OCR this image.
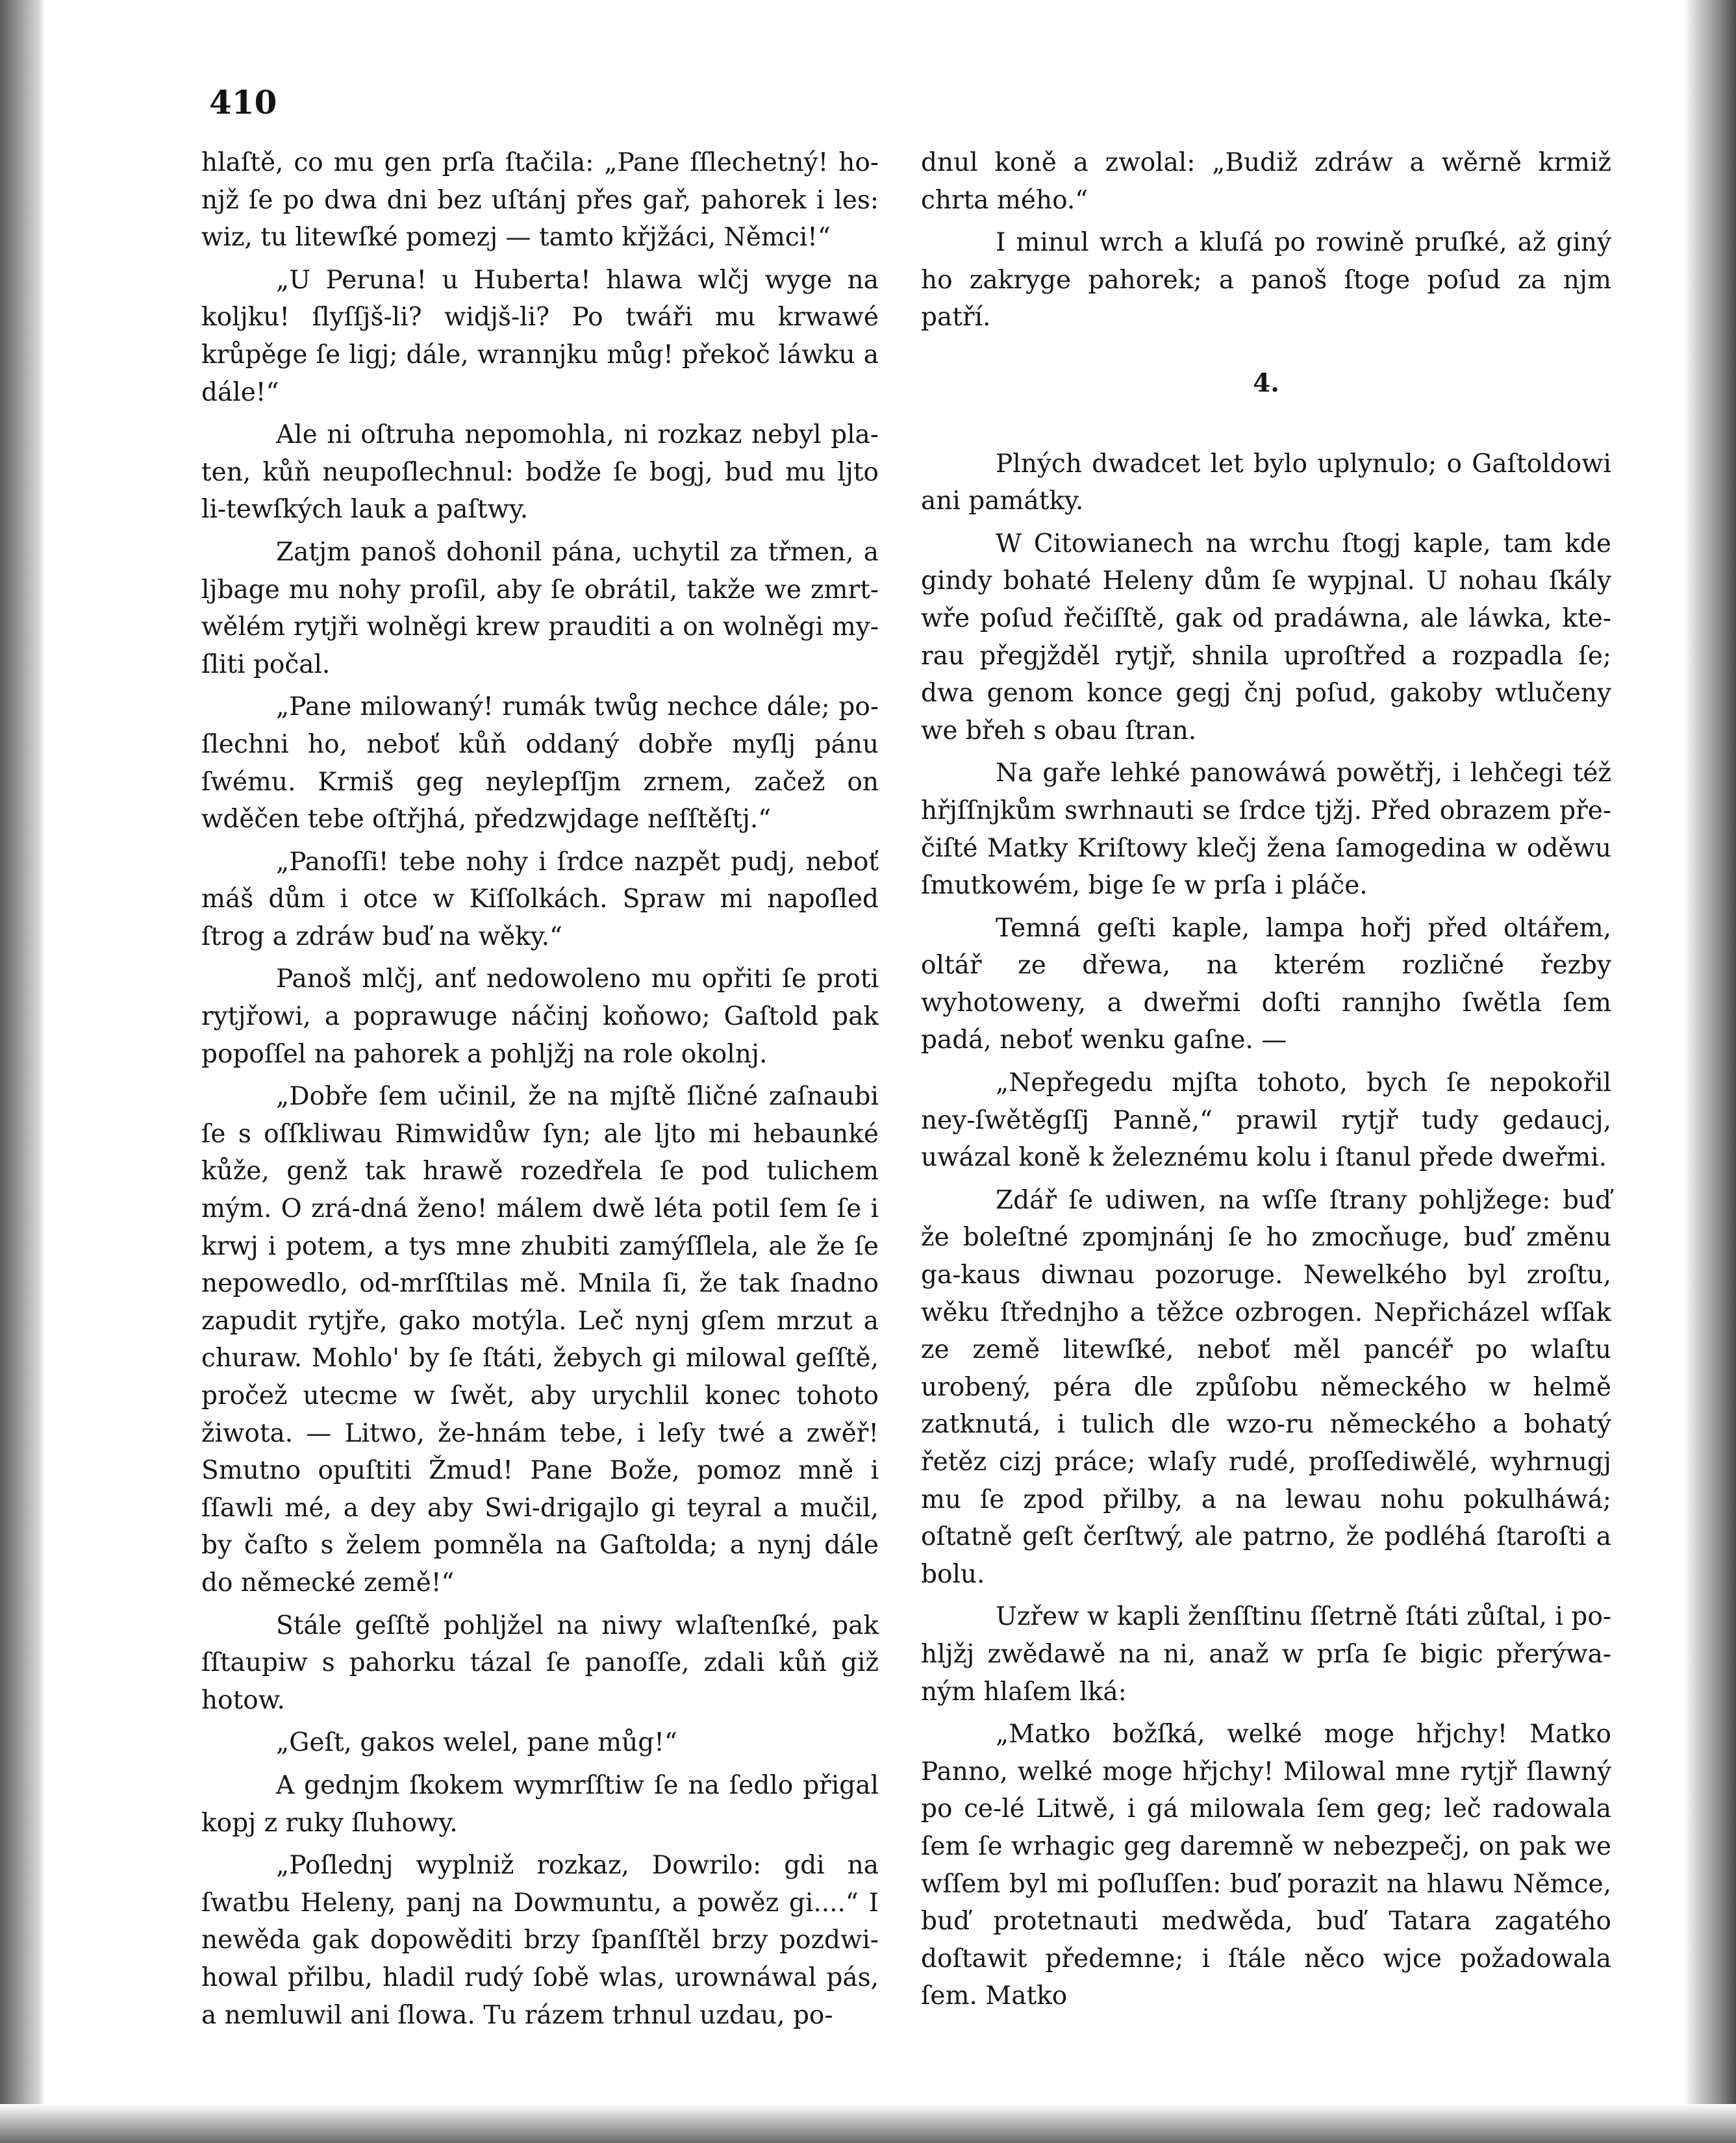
410

hlaſtě, co mu gen prſa ſtačila: „Pane ſſlechetný! ho-njž ſe po dwa dni bez uſtánj přes gař, pahorek i les: wiz, tu litewſké pomezj — tamto křjžáci, Němci!“

„U Peruna! u Huberta! hlawa wlčj wyge na koljku! ſlyſſjš-li? widjš-li? Po twáři mu krwawé krůpěge ſe ligj; dále, wrannjku můg! překoč láwku a dále!“

Ale ni oſtruha nepomohla, ni rozkaz nebyl pla-ten, kůň neupoſlechnul: bodže ſe bogj, bud mu ljto li-tewſkých lauk a paſtwy.

Zatjm panoš dohonil pána, uchytil za třmen, a ljbage mu nohy proſil, aby ſe obrátil, takže we zmrt-wělém rytjři wolněgi krew prauditi a on wolněgi my-ſliti počal.

„Pane milowaný! rumák twůg nechce dále; po-ſlechni ho, neboť kůň oddaný dobře myſlj pánu ſwému. Krmiš geg neylepſſjm zrnem, začež on wděčen tebe oſtřjhá, předzwjdage neſſtěſtj.“

„Panoſſi! tebe nohy i ſrdce nazpět pudj, neboť máš dům i otce w Kiſſolkách. Spraw mi napoſled ſtrog a zdráw buď na wěky.“

Panoš mlčj, anť nedowoleno mu opřiti ſe proti rytjřowi, a poprawuge náčinj koňowo; Gaſtold pak popoſſel na pahorek a pohljžj na role okolnj.

„Dobře ſem učinil, že na mjſtě ſličné zaſnaubi ſe s oſſkliwau Rimwidůw ſyn; ale ljto mi hebaunké kůže, genž tak hrawě rozedřela ſe pod tulichem mým. O zrá-dná ženo! málem dwě léta potil ſem ſe i krwj i potem, a tys mne zhubiti zamýſſlela, ale že ſe nepowedlo, od-mrſſtilas mě. Mnila ſi, že tak ſnadno zapudit rytjře, gako motýla. Leč nynj gſem mrzut a churaw. Mohlo' by ſe ſtáti, žebych gi milowal geſſtě, pročež utecme w ſwět, aby urychlil konec tohoto žiwota. — Litwo, že-hnám tebe, i leſy twé a zwěř! Smutno opuſtiti Žmud! Pane Bože, pomoz mně i ſſawli mé, a dey aby Swi-drigajlo gi teyral a mučil, by čaſto s želem pomněla na Gaſtolda; a nynj dále do německé země!“

Stále geſſtě pohljžel na niwy wlaſtenſké, pak ſſtaupiw s pahorku tázal ſe panoſſe, zdali kůň giž hotow.

„Geſt, gakos welel, pane můg!“

A gednjm ſkokem wymrſſtiw ſe na ſedlo přigal kopj z ruky ſluhowy.

„Poſlednj wyplniž rozkaz, Dowrilo: gdi na ſwatbu Heleny, panj na Dowmuntu, a powěz gi....“ I newěda gak dopowěditi brzy ſpanſſtěl brzy pozdwi-howal přilbu, hladil rudý ſobě wlas, urownáwal pás, a nemluwil ani ſlowa. Tu rázem trhnul uzdau, po-

dnul koně a zwolal: „Budiž zdráw a wěrně krmiž chrta mého.“

I minul wrch a kluſá po rowině pruſké, až giný ho zakryge pahorek; a panoš ſtoge poſud za njm patří.

4.

Plných dwadcet let bylo uplynulo; o Gaſtoldowi ani památky.

W Citowianech na wrchu ſtogj kaple, tam kde gindy bohaté Heleny dům ſe wypjnal. U nohau ſkály wře poſud řečiſſtě, gak od pradáwna, ale láwka, kte-rau přegjžděl rytjř, shnila uproſtřed a rozpadla ſe; dwa genom konce gegj čnj poſud, gakoby wtlučeny we břeh s obau ſtran.

Na gaře lehké panowáwá powětřj, i lehčegi též hřjſſnjkům swrhnauti se ſrdce tjžj. Před obrazem pře-čiſté Matky Kriſtowy klečj žena ſamogedina w oděwu ſmutkowém, bige ſe w prſa i pláče.

Temná geſti kaple, lampa hořj před oltářem, oltář ze dřewa, na kterém rozličné řezby wyhotoweny, a dweřmi doſti rannjho ſwětla ſem padá, neboť wenku gaſne. —

„Nepřegedu mjſta tohoto, bych ſe nepokořil ney-ſwětěgſſj Panně,“ prawil rytjř tudy gedaucj, uwázal koně k železnému kolu i ſtanul přede dweřmi.

Zdář ſe udiwen, na wſſe ſtrany pohljžege: buď že boleſtné zpomjnánj ſe ho zmocňuge, buď změnu ga-kaus diwnau pozoruge. Newelkého byl zroſtu, wěku ſtřednjho a těžce ozbrogen. Nepřicházel wſſak ze země litewſké, neboť měl pancéř po wlaſtu urobený, péra dle způſobu německého w helmě zatknutá, i tulich dle wzo-ru německého a bohatý řetěz cizj práce; wlaſy rudé, proſſediwělé, wyhrnugj mu ſe zpod přilby, a na lewau nohu pokulháwá; oſtatně geſt čerſtwý, ale patrno, že podléhá ſtaroſti a bolu.

Uzřew w kapli ženſſtinu ſſetrně ſtáti zůſtal, i po-hljžj zwědawě na ni, anaž w prſa ſe bigic přerýwa-ným hlaſem lká:

„Matko božſká, welké moge hřjchy! Matko Panno, welké moge hřjchy! Milowal mne rytjř ſlawný po ce-lé Litwě, i gá milowala ſem geg; leč radowala ſem ſe wrhagic geg daremně w nebezpečj, on pak we wſſem byl mi poſluſſen: buď porazit na hlawu Němce, buď protetnauti medwěda, buď Tatara zagatého doſtawit předemne; i ſtále něco wjce požadowala ſem. Matko
